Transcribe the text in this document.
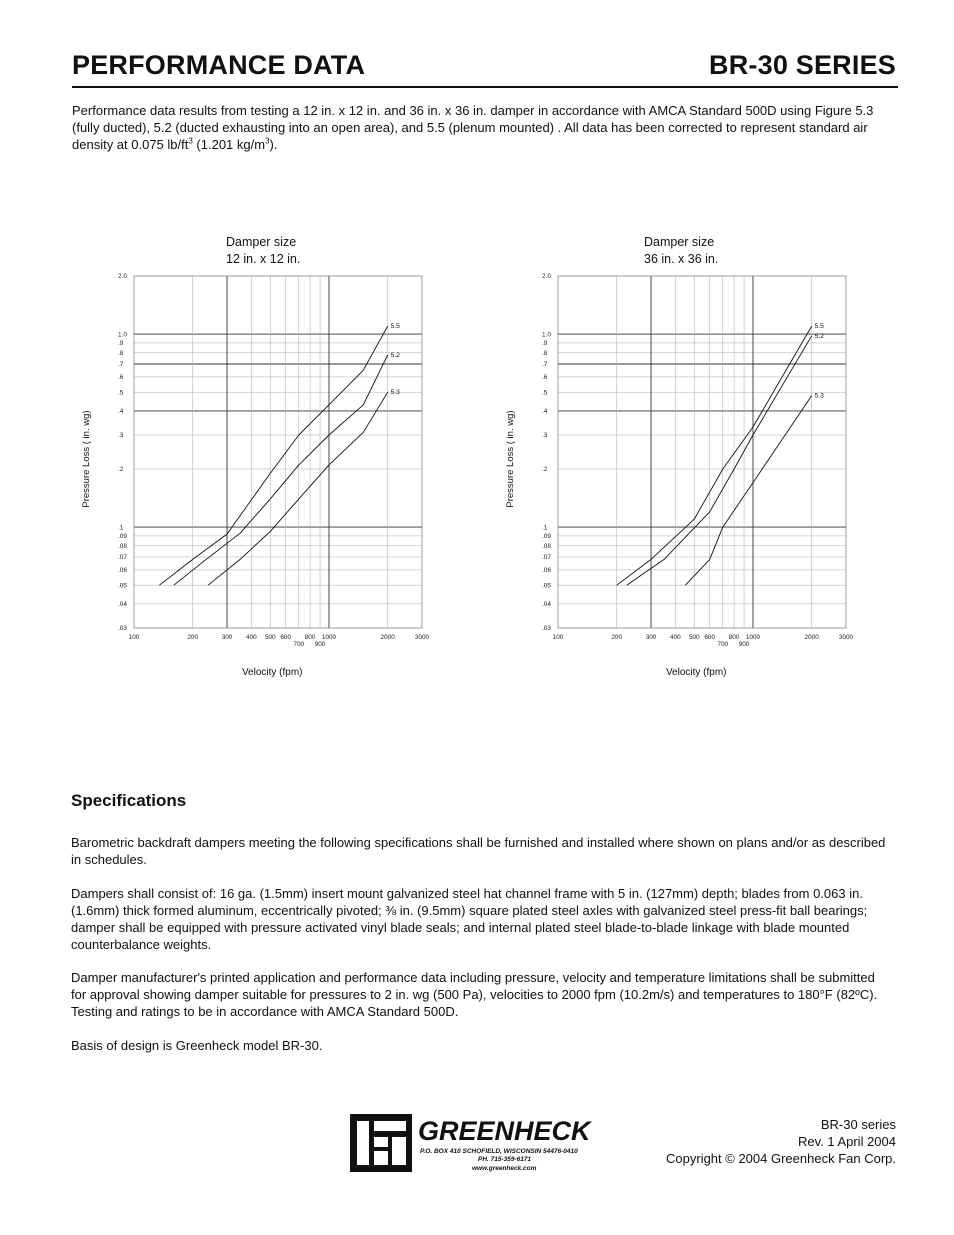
PERFORMANCE DATA	BR-30 SERIES
Performance data results from testing a 12 in. x 12 in. and 36 in. x 36 in. damper in accordance with AMCA Standard 500D using Figure 5.3 (fully ducted), 5.2 (ducted exhausting into an open area), and 5.5 (plenum mounted) . All data has been corrected to represent standard air density at 0.075 $lb/ft^3$ (1.201 $kg/m^3$).
Damper size
12 in. x 12 in.
.03
.04
.05
.06
.07
.08
.09
.1
.2
.3
.4
.5
.6
.7
.8
.9
1.0
2.0
100	200	300 400 500 600 800 1000	2000	3000
700 900
Velocity (fpm)
Pressure Loss ( in. wg)
5.5
5.2
5.3
Damper size
36 in. x 36 in.
.03
.04
.05
.06
.07
.08
.09
.1
.2
.3
.4
.5
.6
.7
.8
.9
1.0
2.0
100	200	300 400 500 600 800 1000	2000	3000
700 900
Velocity (fpm)
Pressure Loss ( in. wg)
5.5
5.2
5.3
Specifications

Barometric backdraft dampers meeting the following specifications shall be furnished and installed where shown on plans and/or as described in schedules.

Dampers shall consist of: 16 ga. (1.5mm) insert mount galvanized steel hat channel frame with 5 in. (127mm) depth; blades from 0.063 in. (1.6mm) thick formed aluminum, eccentrically pivoted; ⅜ in. (9.5mm) square plated steel axles with galvanized steel press-fit ball bearings; damper shall be equipped with pressure activated vinyl blade seals; and internal plated steel blade-to-blade linkage with blade mounted counterbalance weights.

Damper manufacturer's printed application and performance data including pressure, velocity and temperature limitations shall be submitted for approval showing damper suitable for pressures to 2 in. wg (500 Pa), velocities to 2000 fpm (10.2m/s) and temperatures to 180°F (82ºC). Testing and ratings to be in accordance with AMCA Standard 500D.

Basis of design is Greenheck model BR-30.

GREENHECK
P.O. BOX 410 SCHOFIELD, WISCONSIN 54476-0410
PH. 715-359-6171
www.greenheck.com
BR-30 series
Rev. 1 April 2004
Copyright © 2004 Greenheck Fan Corp.
